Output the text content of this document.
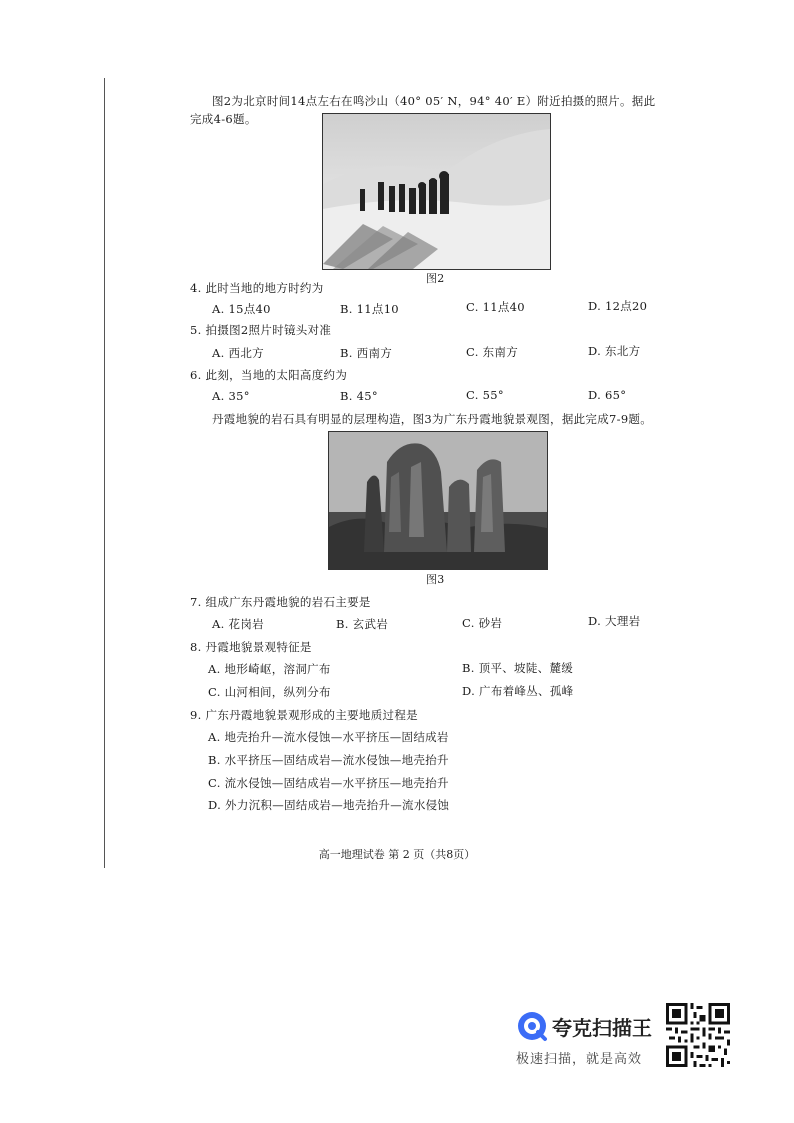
图2为北京时间14点左右在鸣沙山（40° 05′ N，94° 40′ E）附近拍摄的照片。据此
完成4-6题。
图2
4. 此时当地的地方时约为
A. 15点40	B. 11点10	C. 11点40	D. 12点20
5. 拍摄图2照片时镜头对准
A. 西北方	B. 西南方	C. 东南方	D. 东北方
6. 此刻，当地的太阳高度约为
A. 35°	B. 45°	C. 55°	D. 65°
丹霞地貌的岩石具有明显的层理构造，图3为广东丹霞地貌景观图，据此完成7-9题。
图3
7. 组成广东丹霞地貌的岩石主要是
A. 花岗岩	B. 玄武岩	C. 砂岩	D. 大理岩
8. 丹霞地貌景观特征是
A. 地形崎岖，溶洞广布	B. 顶平、坡陡、麓缓
C. 山河相间，纵列分布	D. 广布着峰丛、孤峰
9. 广东丹霞地貌景观形成的主要地质过程是
A. 地壳抬升—流水侵蚀—水平挤压—固结成岩
B. 水平挤压—固结成岩—流水侵蚀—地壳抬升
C. 流水侵蚀—固结成岩—水平挤压—地壳抬升
D. 外力沉积—固结成岩—地壳抬升—流水侵蚀
高一地理试卷 第 2 页（共8页）
夸克扫描王
极速扫描，就是高效
